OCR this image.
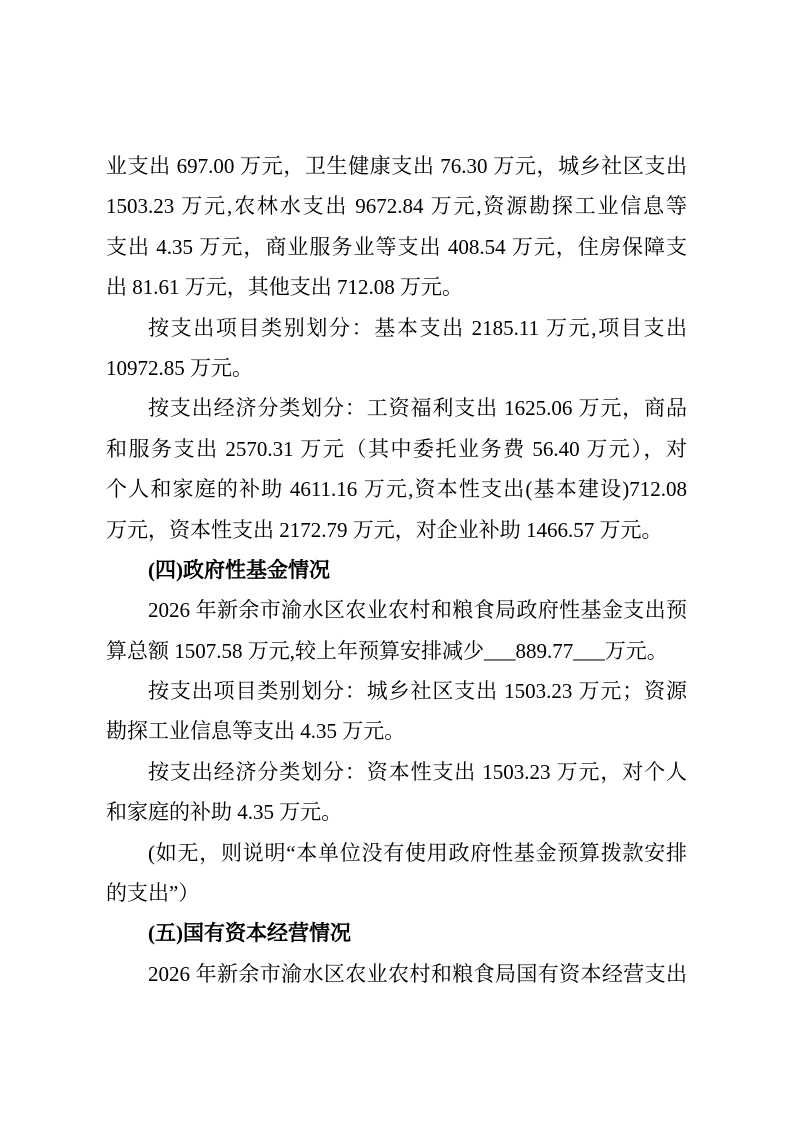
业支出 697.00 万元，卫生健康支出 76.30 万元，城乡社区支出
1503.23 万元,农林水支出 9672.84 万元,资源勘探工业信息等
支出 4.35 万元，商业服务业等支出 408.54 万元，住房保障支
出 81.61 万元，其他支出 712.08 万元。
按支出项目类别划分：基本支出 2185.11 万元,项目支出
10972.85 万元。
按支出经济分类划分：工资福利支出 1625.06 万元，商品
和服务支出 2570.31 万元（其中委托业务费 56.40 万元），对
个人和家庭的补助 4611.16 万元,资本性支出(基本建设)712.08
万元，资本性支出 2172.79 万元，对企业补助 1466.57 万元。
(四)政府性基金情况
2026 年新余市渝水区农业农村和粮食局政府性基金支出预
算总额 1507.58 万元,较上年预算安排减少___889.77___万元。
按支出项目类别划分：城乡社区支出 1503.23 万元；资源
勘探工业信息等支出 4.35 万元。
按支出经济分类划分：资本性支出 1503.23 万元，对个人
和家庭的补助 4.35 万元。
(如无，则说明“本单位没有使用政府性基金预算拨款安排
的支出”）
(五)国有资本经营情况
2026 年新余市渝水区农业农村和粮食局国有资本经营支出
